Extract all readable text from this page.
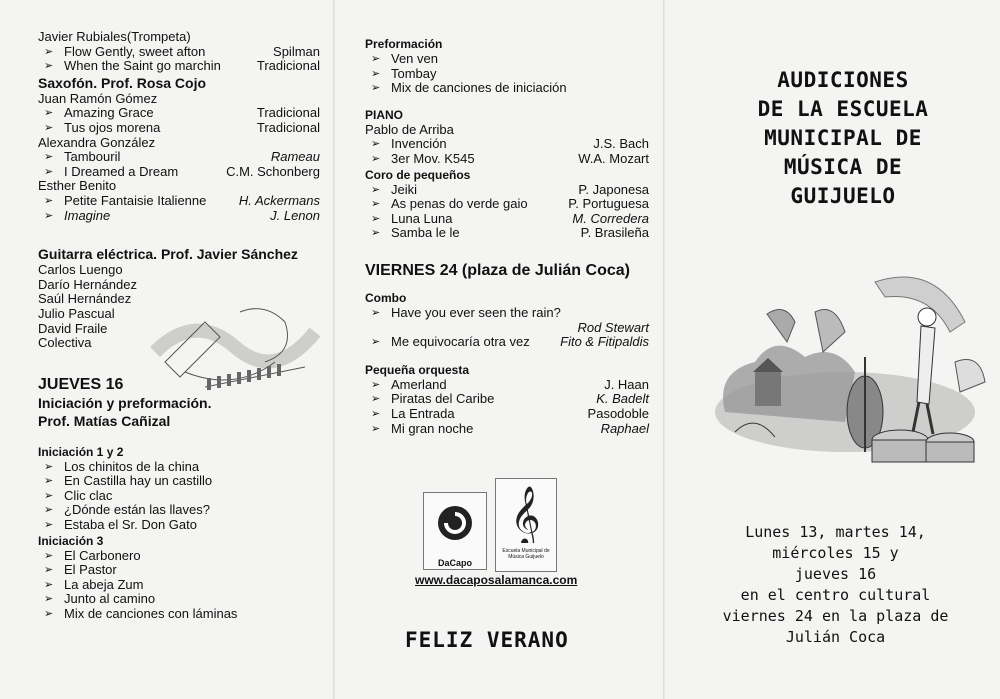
Javier Rubiales(Trompeta)
➢ Flow Gently, sweet afton	Spilman
➢ When the Saint go marchin	Tradicional
Saxofón. Prof. Rosa Cojo
Juan Ramón Gómez
➢ Amazing Grace	Tradicional
➢ Tus ojos morena	Tradicional
Alexandra González
➢ Tambouril	Rameau
➢ I Dreamed a Dream	C.M. Schonberg
Esther Benito
➢ Petite Fantaisie Italienne H. Ackermans
➢ Imagine	J. Lenon
Guitarra eléctrica. Prof. Javier Sánchez
Carlos Luengo
Darío Hernández
Saúl Hernández
Julio Pascual
David Fraile
Colectiva
JUEVES 16
Iniciación y preformación.
Prof. Matías Cañizal
Iniciación 1 y 2
➢ Los chinitos de la china
➢ En Castilla hay un castillo
➢ Clic clac
➢ ¿Dónde están las llaves?
➢ Estaba el Sr. Don Gato
Iniciación 3
➢ El Carbonero
➢ El Pastor
➢ La abeja Zum
➢ Junto al camino
➢ Mix de canciones con láminas
Preformación
➢ Ven ven
➢ Tombay
➢ Mix de canciones de iniciación
PIANO
Pablo de Arriba
➢ Invención	J.S. Bach
➢ 3er Mov. K545	W.A. Mozart
Coro de pequeños
➢ Jeiki	P. Japonesa
➢ As penas do verde gaio	P. Portuguesa
➢ Luna Luna	M. Corredera
➢ Samba le le	P. Brasileña
VIERNES 24 (plaza de Julián Coca)
Combo
➢ Have you ever seen the rain?
Rod Stewart
➢ Me equivocaría otra vez Fito & Fitipaldis
Pequeña orquesta
➢ Amerland	J. Haan
➢ Piratas del Caribe	K. Badelt
➢ La Entrada	Pasodoble
➢ Mi gran noche	Raphael
DaCapo
𝄞
Escuela Municipal de Música Guijuelo
www.dacaposalamanca.com
FELIZ VERANO
AUDICIONES
DE LA ESCUELA
MUNICIPAL DE
MÚSICA DE
GUIJUELO
Lunes 13, martes 14,
miércoles 15 y
jueves 16
en el centro cultural
viernes 24 en la plaza de
Julián Coca
